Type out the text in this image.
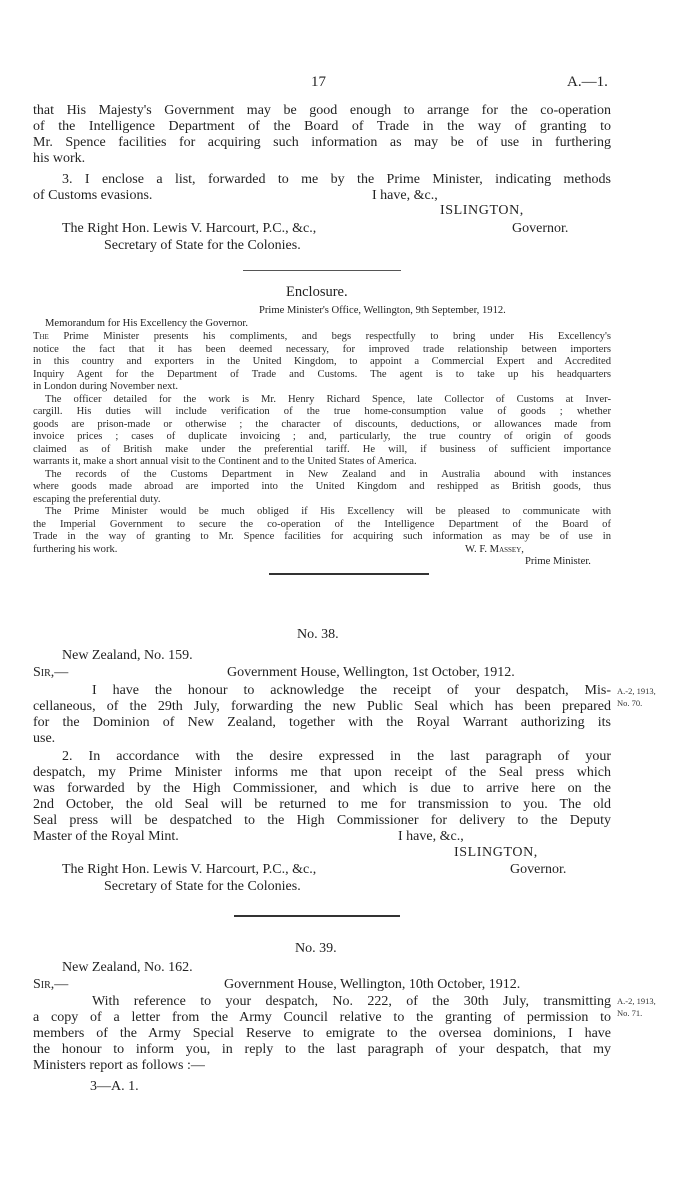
17	A.—1.
that His Majesty's Government may be good enough to arrange for the co-operation
of the Intelligence Department of the Board of Trade in the way of granting to
Mr. Spence facilities for acquiring such information as may be of use in furthering
his work.
3. I enclose a list, forwarded to me by the Prime Minister, indicating methods
of Customs evasions.	I have, &c.,
ISLINGTON,
The Right Hon. Lewis V. Harcourt, P.C., &c.,	Governor.
Secretary of State for the Colonies.
Enclosure.
Prime Minister's Office, Wellington, 9th September, 1912.
Memorandum for His Excellency the Governor.
The Prime Minister presents his compliments, and begs respectfully to bring under His Excellency's
notice the fact that it has been deemed necessary, for improved trade relationship between importers
in this country and exporters in the United Kingdom, to appoint a Commercial Expert and Accredited
Inquiry Agent for the Department of Trade and Customs. The agent is to take up his headquarters
in London during November next.
The officer detailed for the work is Mr. Henry Richard Spence, late Collector of Customs at Inver-
cargill. His duties will include verification of the true home-consumption value of goods ; whether
goods are prison-made or otherwise ; the character of discounts, deductions, or allowances made from
invoice prices ; cases of duplicate invoicing ; and, particularly, the true country of origin of goods
claimed as of British make under the preferential tariff. He will, if business of sufficient importance
warrants it, make a short annual visit to the Continent and to the United States of America.
The records of the Customs Department in New Zealand and in Australia abound with instances
where goods made abroad are imported into the United Kingdom and reshipped as British goods, thus
escaping the preferential duty.
The Prime Minister would be much obliged if His Excellency will be pleased to communicate with
the Imperial Government to secure the co-operation of the Intelligence Department of the Board of
Trade in the way of granting to Mr. Spence facilities for acquiring such information as may be of use in
furthering his work.	W. F. Massey,
Prime Minister.
No. 38.
New Zealand, No. 159.
Sir,—	Government House, Wellington, 1st October, 1912.
I have the honour to acknowledge the receipt of your despatch, Mis-
cellaneous, of the 29th July, forwarding the new Public Seal which has been prepared
for the Dominion of New Zealand, together with the Royal Warrant authorizing its
use.
2. In accordance with the desire expressed in the last paragraph of your
despatch, my Prime Minister informs me that upon receipt of the Seal press which
was forwarded by the High Commissioner, and which is due to arrive here on the
2nd October, the old Seal will be returned to me for transmission to you. The old
Seal press will be despatched to the High Commissioner for delivery to the Deputy
Master of the Royal Mint.	I have, &c.,
ISLINGTON,
The Right Hon. Lewis V. Harcourt, P.C., &c.,	Governor.
Secretary of State for the Colonies.
A.-2, 1913,
No. 70.
No. 39.
New Zealand, No. 162.
Sir,—	Government House, Wellington, 10th October, 1912.
With reference to your despatch, No. 222, of the 30th July, transmitting
a copy of a letter from the Army Council relative to the granting of permission to
members of the Army Special Reserve to emigrate to the oversea dominions, I have
the honour to inform you, in reply to the last paragraph of your despatch, that my
Ministers report as follows :—
A.-2, 1913,
No. 71.
3—A. 1.
